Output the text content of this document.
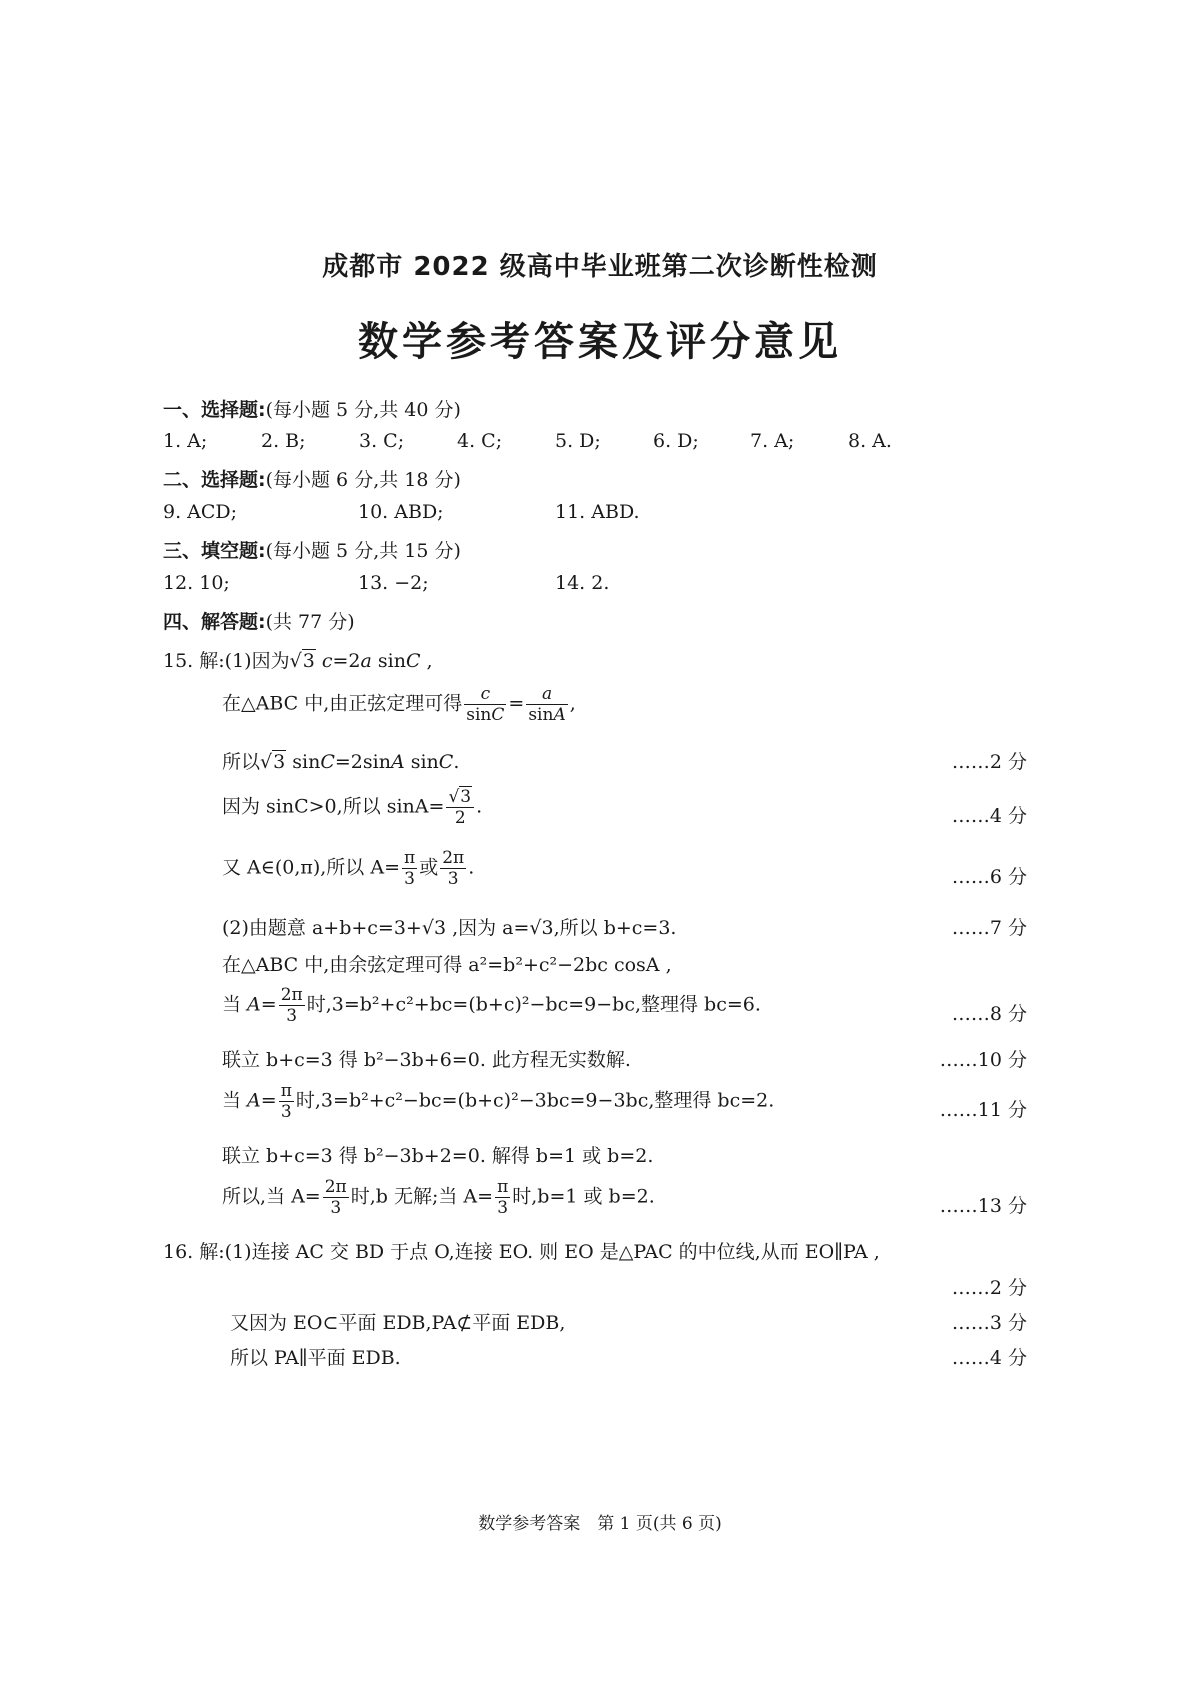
成都市 2022 级高中毕业班第二次诊断性检测
数学参考答案及评分意见
一、选择题:(每小题 5 分,共 40 分)
1. A;	2. B;	3. C;	4. C;	5. D;	6. D;	7. A;	8. A.
二、选择题:(每小题 6 分,共 18 分)
9. ACD;	10. ABD;	11. ABD.
三、填空题:(每小题 5 分,共 15 分)
12. 10;	13. −2;	14. 2.
四、解答题:(共 77 分)
15. 解:(1)因为√3 c=2a sinC ,
在△ABC 中,由正弦定理可得 $\frac{c}{\sin C} = \frac{a}{\sin A}$ ,
所以√3 sinC=2sinA sinC.	……2 分
因为 sinC>0,所以 $\sin A= \frac{√3}{2}$ .	……4 分
又 A∈(0,π),所以 $A= \frac{\pi}{3}$ 或 $\frac{2\pi}{3}$ .	……6 分
(2)由题意 a+b+c=3+√3 ,因为 a=√3,所以 b+c=3.	……7 分
在△ABC 中,由余弦定理可得 a²=b²+c²−2bc cosA ,
当 $A= \frac{2\pi}{3}$ 时,3=b²+c²+bc=(b+c)²−bc=9−bc,整理得 bc=6.	……8 分
联立 b+c=3 得 b²−3b+6=0. 此方程无实数解.	……10 分
当 $A= \frac{\pi}{3}$ 时,3=b²+c²−bc=(b+c)²−3bc=9−3bc,整理得 bc=2.	……11 分
联立 b+c=3 得 b²−3b+2=0. 解得 b=1 或 b=2.
所以,当 $A= \frac{2\pi}{3}$ 时,b 无解;当 $A= \frac{\pi}{3}$ 时,b=1 或 b=2.	……13 分
16. 解:(1)连接 AC 交 BD 于点 O,连接 EO. 则 EO 是△PAC 的中位线,从而 EO∥PA ,
……2 分
又因为 EO⊂平面 EDB,PA⊄平面 EDB,	……3 分
所以 PA∥平面 EDB.	……4 分
数学参考答案　第 1 页(共 6 页)
